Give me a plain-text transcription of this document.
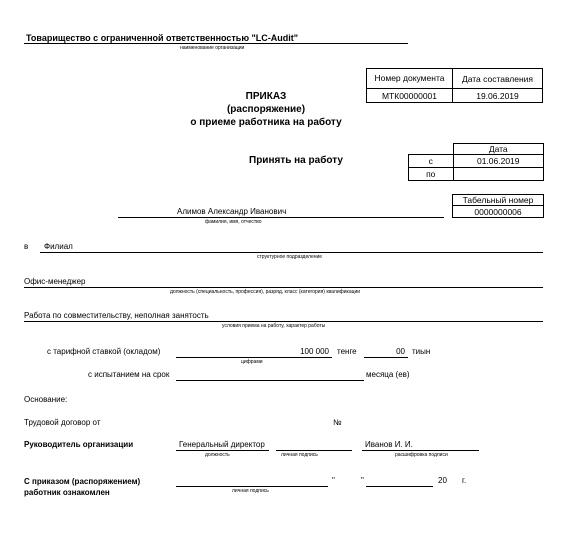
Товарищество с ограниченной ответственностью "LC-Audit"
наименование организации
Номер документа	Дата составления
МТК00000001	19.06.2019
ПРИКАЗ
(распоряжение)
о приеме работника на работу
Принять на работу
	Дата
с	01.06.2019
по	
Алимов Александр Иванович
фамилия, имя, отчество
Табельный номер
0000000006
в Филиал
структурное подразделение
Офис-менеджер
должность (специальность, профессия), разряд, класс (категория) квалификации
Работа по совместительству, неполная занятость
условия приема на работу, характер работы
с тарифной ставкой (окладом)	100 000
цифрами
тенге	00 тиын
с испытанием на срок	месяца (ев)
Основание:
Трудовой договор от	№
Руководитель организации	Генеральный директор
должность	личная подпись
Иванов И. И.
расшифровка подписи
С приказом (распоряжением)
работник ознакомлен	личная подпись
"	"	20 г.
